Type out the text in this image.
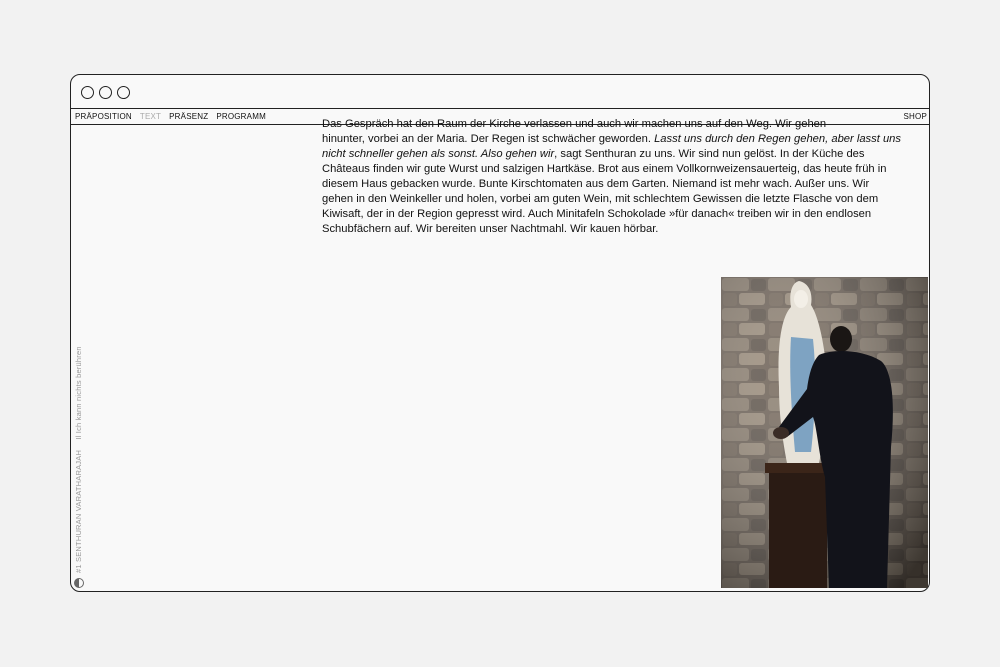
PRÄPOSITION TEXT PRÄSENZ PROGRAMM	SHOP

Das Gespräch hat den Raum der Kirche verlassen und auch wir machen uns auf den Weg. Wir gehen

hinunter, vorbei an der Maria. Der Regen ist schwächer geworden. Lasst uns durch den Regen gehen, aber lasst uns nicht schneller gehen als sonst. Also gehen wir, sagt Senthuran zu uns. Wir sind nun gelöst. In der Küche des Châteaus finden wir gute Wurst und salzigen Hartkäse. Brot aus einem Vollkornweizensauerteig, das heute früh in diesem Haus gebacken wurde. Bunte Kirschtomaten aus dem Garten. Niemand ist mehr wach. Außer uns. Wir gehen in den Weinkeller und holen, vorbei am guten Wein, mit schlechtem Gewissen die letzte Flasche von dem Kiwisaft, der in der Region gepresst wird. Auch Minitafeln Schokolade »für danach« treiben wir in den endlosen Schubfächern auf. Wir bereiten unser Nachtmahl. Wir kauen hörbar.

#1 SENTHURAN VARATHARAJAH Il Ich kann nichts berühren
